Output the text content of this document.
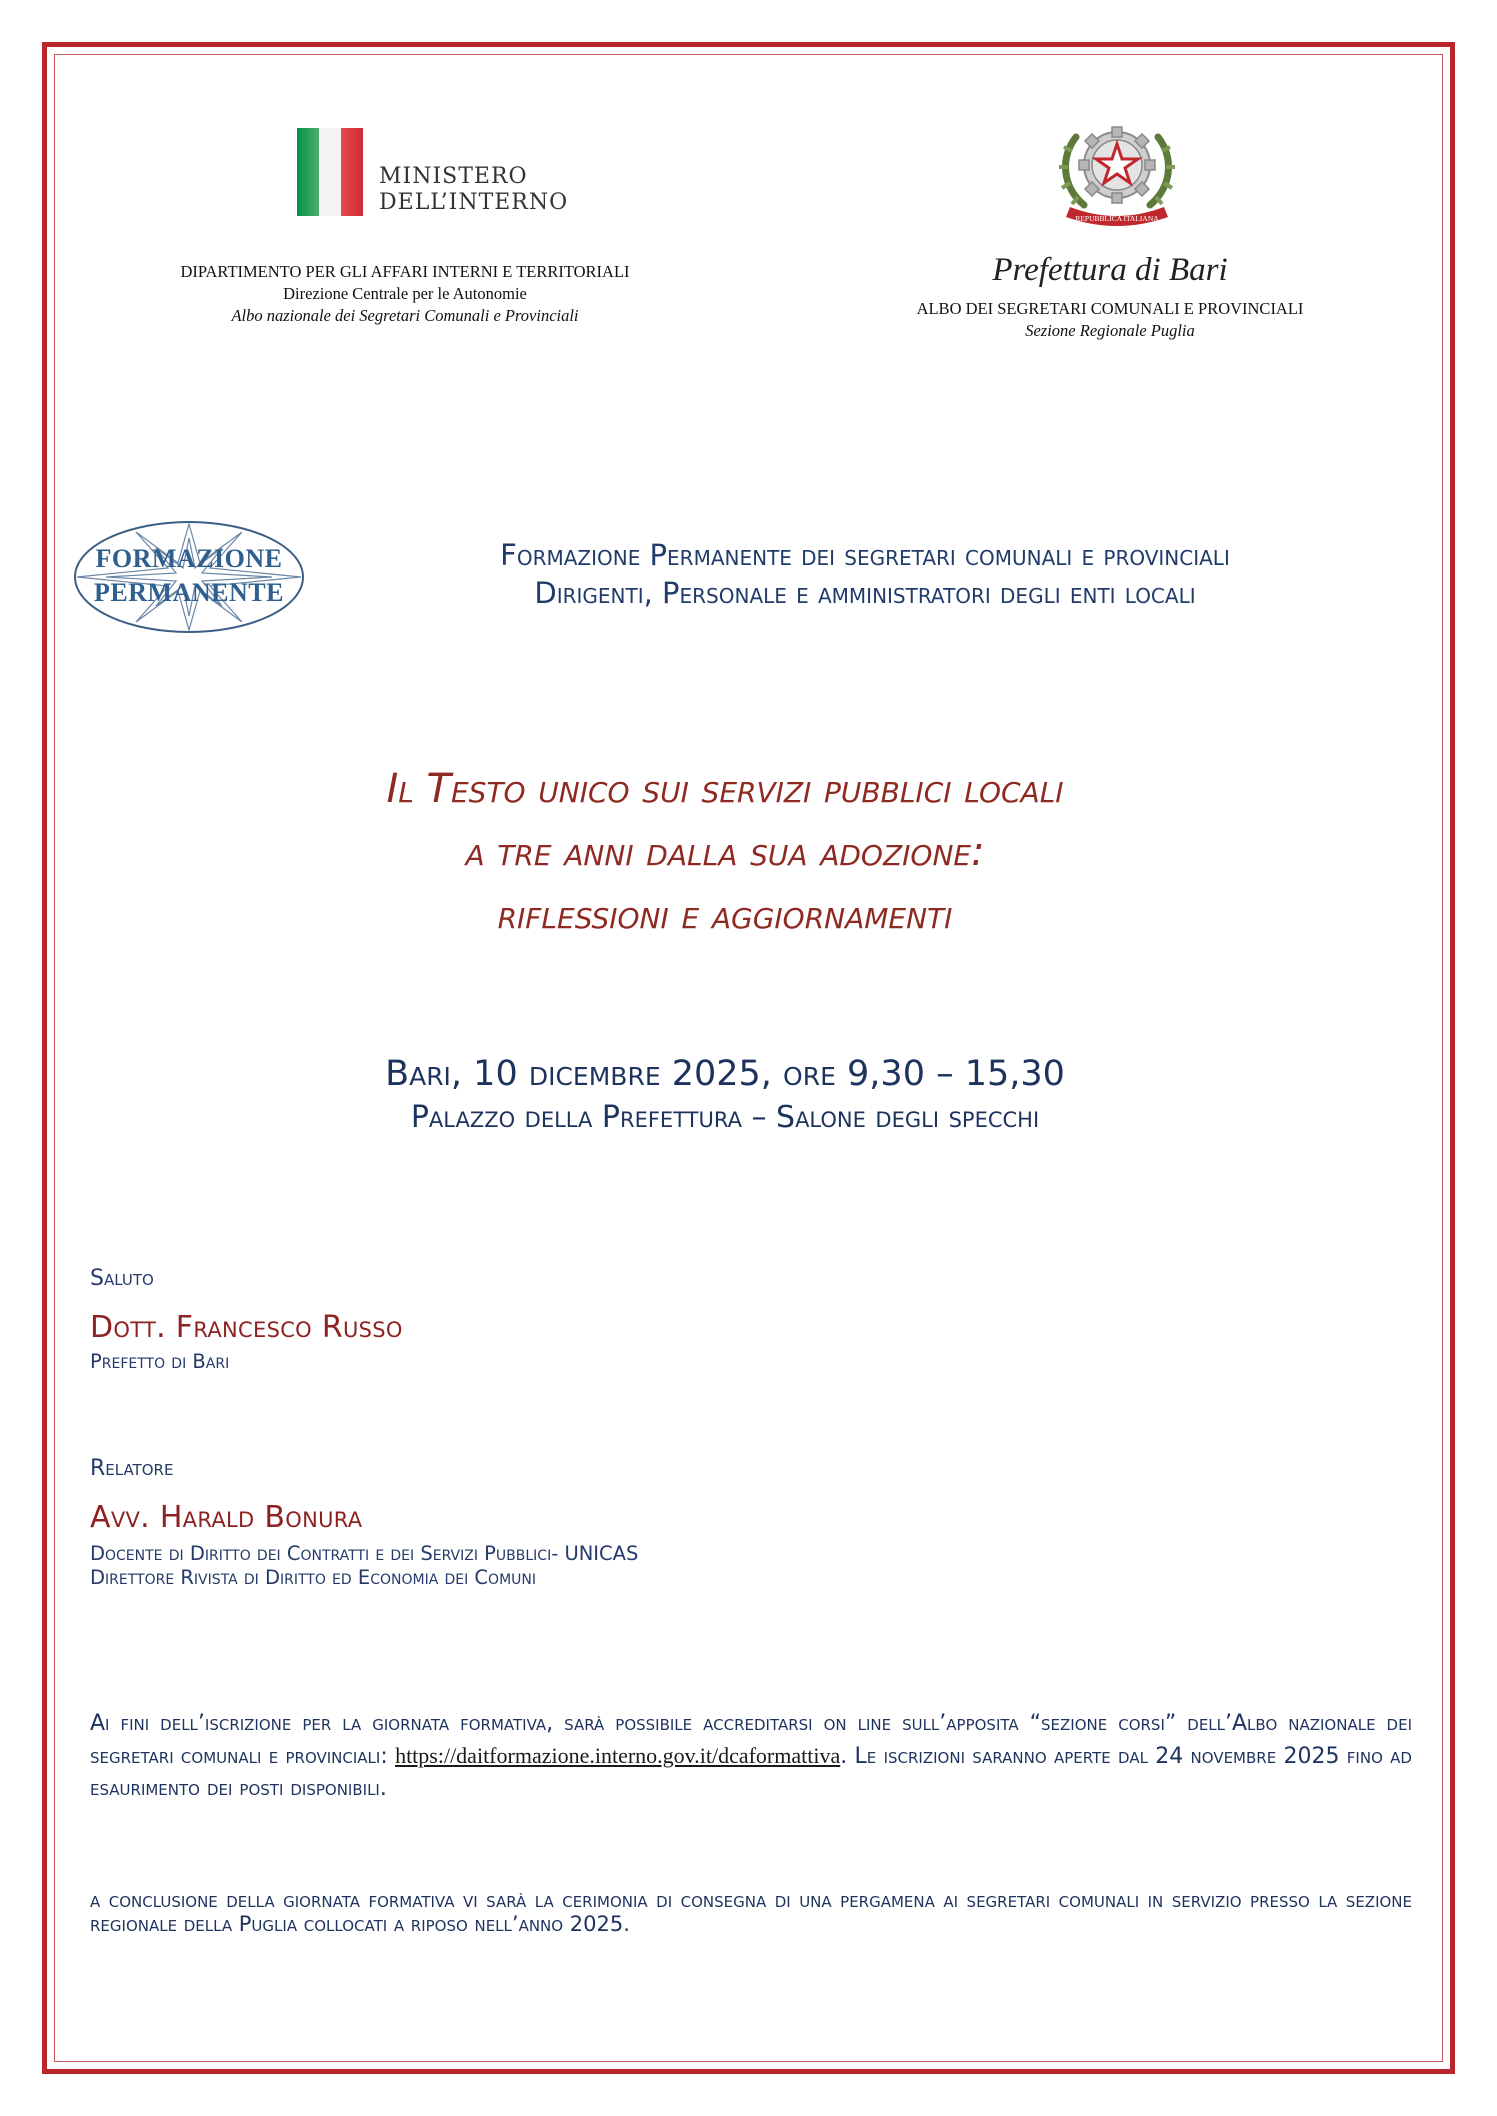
MINISTERO
DELL’INTERNO
DIPARTIMENTO PER GLI AFFARI INTERNI E TERRITORIALI
Direzione Centrale per le Autonomie
Albo nazionale dei Segretari Comunali e Provinciali
REPUBBLICA ITALIANA
Prefettura di Bari
ALBO DEI SEGRETARI COMUNALI E PROVINCIALI
Sezione Regionale Puglia
FORMAZIONE
PERMANENTE
Formazione Permanente dei segretari comunali e provinciali
Dirigenti, Personale e amministratori degli enti locali
Il Testo unico sui servizi pubblici locali
a tre anni dalla sua adozione:
riflessioni e aggiornamenti
Bari, 10 dicembre 2025, ore 9,30 – 15,30
Palazzo della Prefettura – Salone degli specchi
Saluto
Dott. Francesco Russo
Prefetto di Bari
Relatore
Avv. Harald Bonura
Docente di Diritto dei Contratti e dei Servizi Pubblici- UNICAS
Direttore Rivista di Diritto ed Economia dei Comuni
Ai fini dell’iscrizione per la giornata formativa, sarà possibile accreditarsi on line sull’apposita “sezione corsi” dell’Albo nazionale dei segretari comunali e provinciali: https://daitformazione.interno.gov.it/dcaformattiva. Le iscrizioni saranno aperte dal 24 novembre 2025 fino ad esaurimento dei posti disponibili.
a conclusione della giornata formativa vi sarà la cerimonia di consegna di una pergamena ai segretari comunali in servizio presso la sezione regionale della Puglia collocati a riposo nell’anno 2025.
